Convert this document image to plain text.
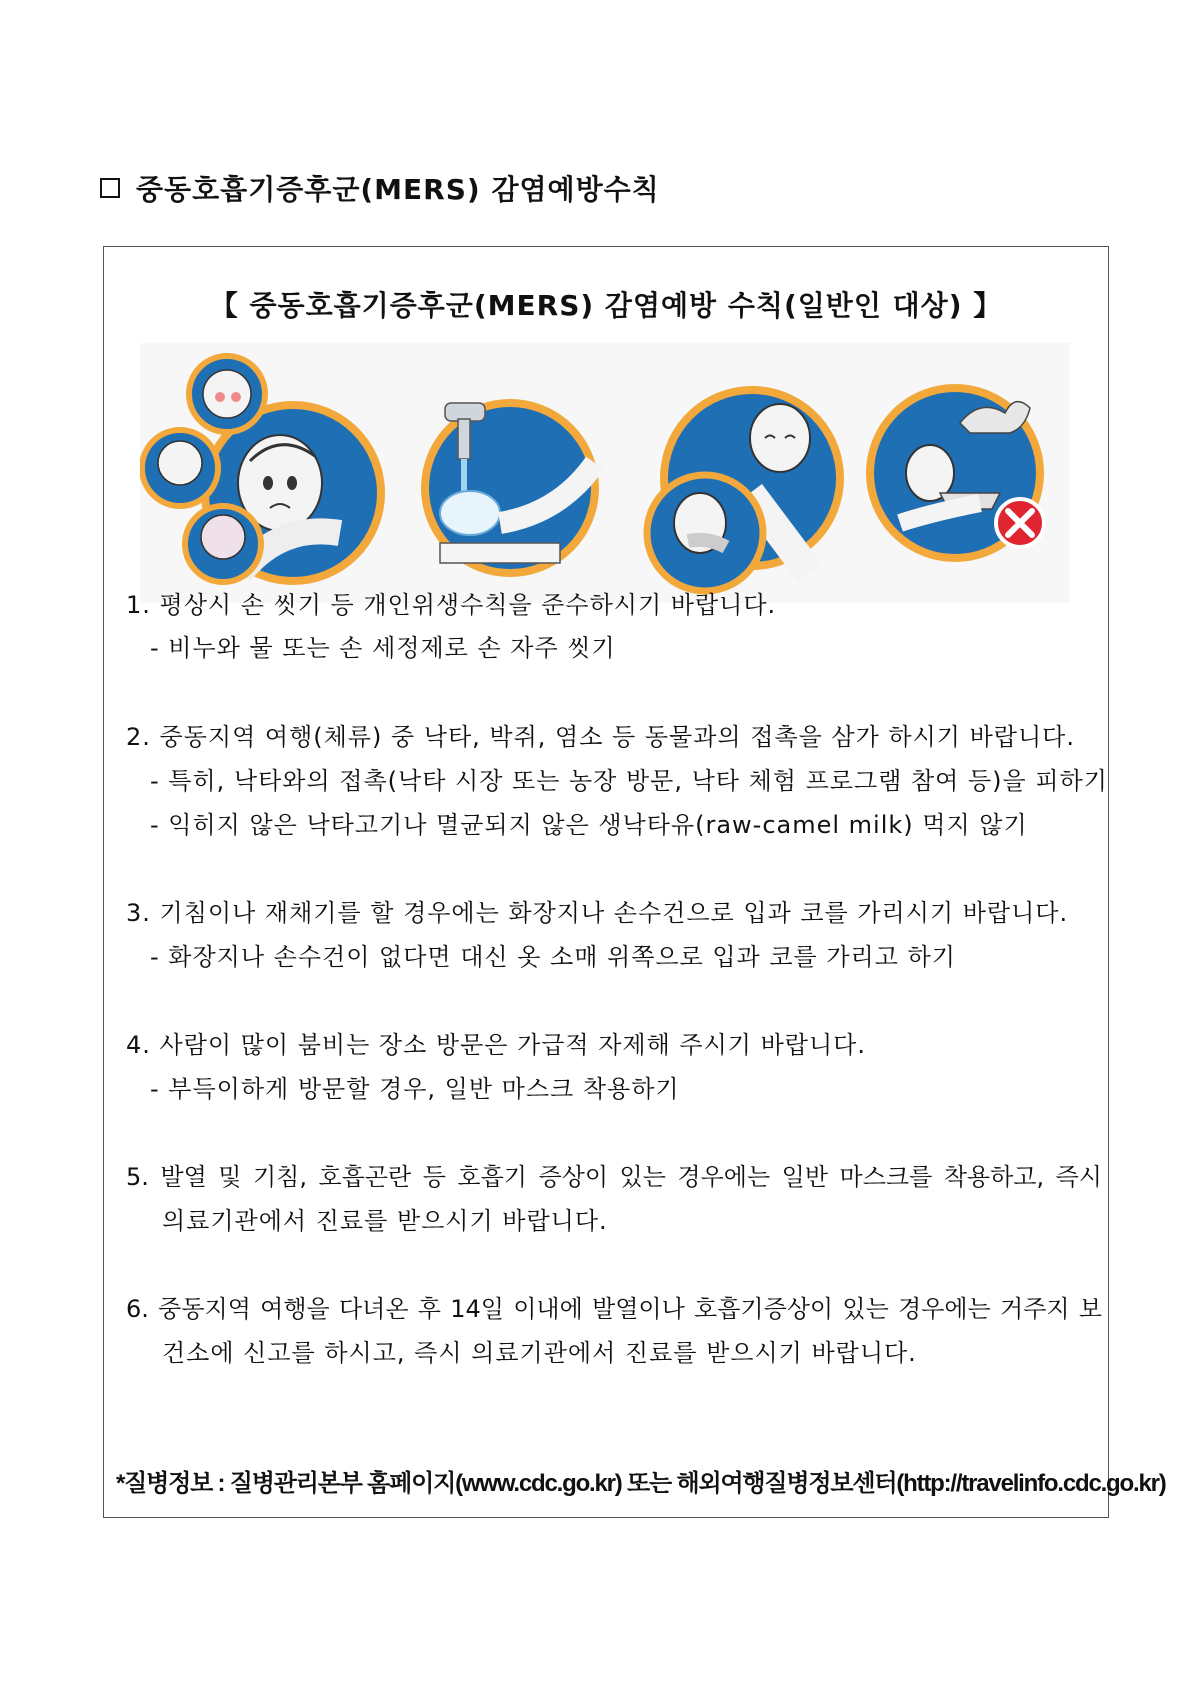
중동호흡기증후군(MERS) 감염예방수칙
【 중동호흡기증후군(MERS) 감염예방 수칙(일반인 대상) 】
1. 평상시 손 씻기 등 개인위생수칙을 준수하시기 바랍니다.
- 비누와 물 또는 손 세정제로 손 자주 씻기
2. 중동지역 여행(체류) 중 낙타, 박쥐, 염소 등 동물과의 접촉을 삼가 하시기 바랍니다.
- 특히, 낙타와의 접촉(낙타 시장 또는 농장 방문, 낙타 체험 프로그램 참여 등)을 피하기
- 익히지 않은 낙타고기나 멸균되지 않은 생낙타유(raw-camel milk) 먹지 않기
3. 기침이나 재채기를 할 경우에는 화장지나 손수건으로 입과 코를 가리시기 바랍니다.
- 화장지나 손수건이 없다면 대신 옷 소매 위쪽으로 입과 코를 가리고 하기
4. 사람이 많이 붐비는 장소 방문은 가급적 자제해 주시기 바랍니다.
- 부득이하게 방문할 경우, 일반 마스크 착용하기
5. 발열 및 기침, 호흡곤란 등 호흡기 증상이 있는 경우에는 일반 마스크를 착용하고, 즉시
의료기관에서 진료를 받으시기 바랍니다.
6. 중동지역 여행을 다녀온 후 14일 이내에 발열이나 호흡기증상이 있는 경우에는 거주지 보
건소에 신고를 하시고, 즉시 의료기관에서 진료를 받으시기 바랍니다.
*질병정보 : 질병관리본부 홈페이지(www.cdc.go.kr) 또는 해외여행질병정보센터(http://travelinfo.cdc.go.kr)
